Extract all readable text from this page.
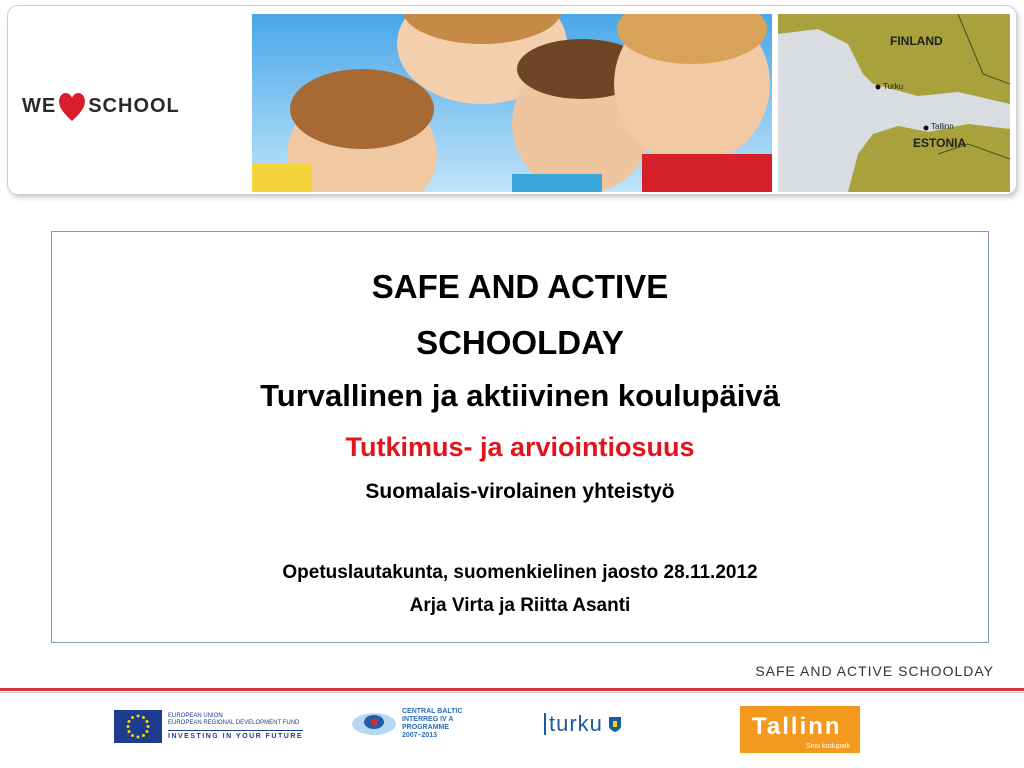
WE SCHOOL
FINLAND
Turku
Tallinn
ESTONIA
SAFE AND ACTIVE
SCHOOLDAY
Turvallinen ja aktiivinen koulupäivä
Tutkimus- ja arviointiosuus
Suomalais-virolainen yhteistyö
Opetuslautakunta, suomenkielinen jaosto 28.11.2012
Arja Virta ja Riitta Asanti
SAFE AND ACTIVE SCHOOLDAY
EUROPEAN UNION
EUROPEAN REGIONAL DEVELOPMENT FUND
INVESTING IN YOUR FUTURE
CENTRAL BALTIC
INTERREG IV A
PROGRAMME
2007–2013	turku	Tallinn
Sinu kodupaik
